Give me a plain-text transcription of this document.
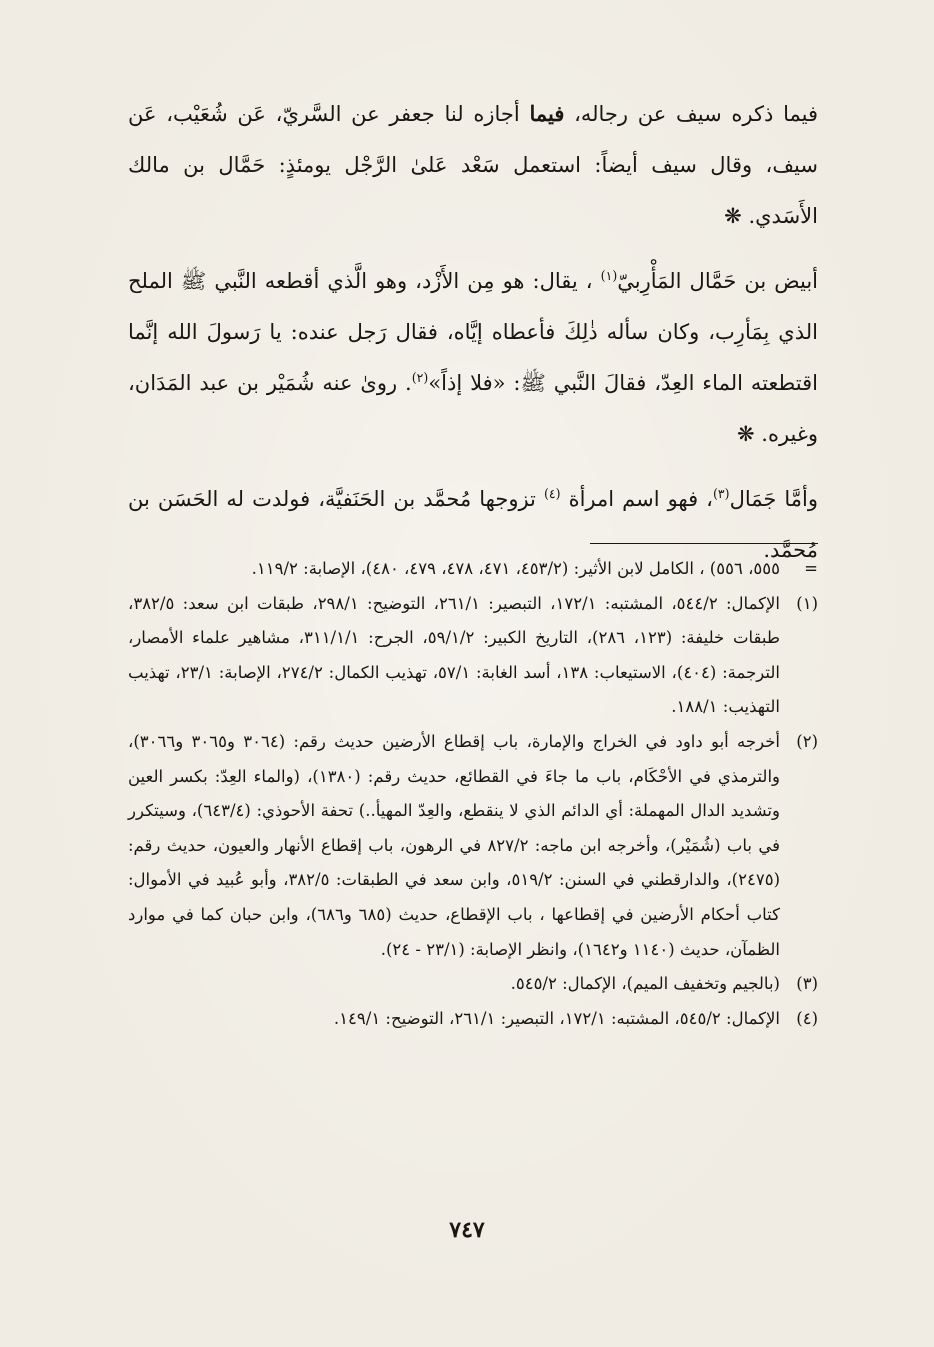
فيما ذكره سيف عن رجاله، فيما أجازه لنا جعفر عن السَّريّ، عَن شُعَيْب، عَن سيف، وقال سيف أيضاً: استعمل سَعْد عَلىٰ الرَّجْل يومئذٍ: حَمَّال بن مالك الأَسَدي. ❋

أبيض بن حَمَّال المَأْرِبيّ$^{(١)}$ ، يقال: هو مِن الأَزْد، وهو الَّذي أقطعه النَّبي ﷺ الملح الذي بِمَأرِب، وكان سأله ذٰلِكَ فأعطاه إيَّاه، فقال رَجل عنده: يا رَسولَ الله إنَّما اقتطعته الماء العِدّ، فقالَ النَّبي ﷺ: «فلا إذاً»$^{(٢)}$. روىٰ عنه شُمَيْر بن عبد المَدَان، وغيره. ❋

وأمَّا جَمَال$^{(٣)}$، فهو اسم امرأة $^{(٤)}$ تزوجها مُحمَّد بن الحَنَفيَّة، فولدت له الحَسَن بن مُحمَّد.

=
٥٥٥، ٥٥٦) ، الكامل لابن الأثير: (٤٥٣/٢، ٤٧١، ٤٧٨، ٤٧٩، ٤٨٠)، الإصابة: ١١٩/٢.

(١)
الإكمال: ٥٤٤/٢، المشتبه: ١٧٢/١، التبصير: ٢٦١/١، التوضيح: ٢٩٨/١، طبقات ابن سعد: ٣٨٢/٥، طبقات خليفة: (١٢٣، ٢٨٦)، التاريخ الكبير: ٥٩/١/٢، الجرح: ٣١١/١/١، مشاهير علماء الأمصار، الترجمة: (٤٠٤)، الاستيعاب: ١٣٨، أسد الغابة: ٥٧/١، تهذيب الكمال: ٢٧٤/٢، الإصابة: ٢٣/١، تهذيب التهذيب: ١٨٨/١.

(٢)
أخرجه أبو داود في الخراج والإمارة، باب إقطاع الأرضين حديث رقم: (٣٠٦٤ و٣٠٦٥ و٣٠٦٦)، والترمذي في الأحْكَام، باب ما جاءَ في القطائع، حديث رقم: (١٣٨٠)، (والماء العِدّ: بكسر العين وتشديد الدال المهملة: أي الدائم الذي لا ينقطع، والعِدّ المهيأ..) تحفة الأحوذي: (٦٤٣/٤)، وسيتكرر في باب (شُمَيْر)، وأخرجه ابن ماجه: ٨٢٧/٢ في الرهون، باب إقطاع الأنهار والعيون، حديث رقم: (٢٤٧٥)، والدارقطني في السنن: ٥١٩/٢، وابن سعد في الطبقات: ٣٨٢/٥، وأبو عُبيد في الأموال: كتاب أحكام الأرضين في إقطاعها ، باب الإقطاع، حديث (٦٨٥ و٦٨٦)، وابن حبان كما في موارد الظمآن، حديث (١١٤٠ و١٦٤٢)، وانظر الإصابة: (٢٣/١ - ٢٤).

(٣)
(بالجيم وتخفيف الميم)، الإكمال: ٥٤٥/٢.

(٤)
الإكمال: ٥٤٥/٢، المشتبه: ١٧٢/١، التبصير: ٢٦١/١، التوضيح: ١٤٩/١.

٧٤٧
